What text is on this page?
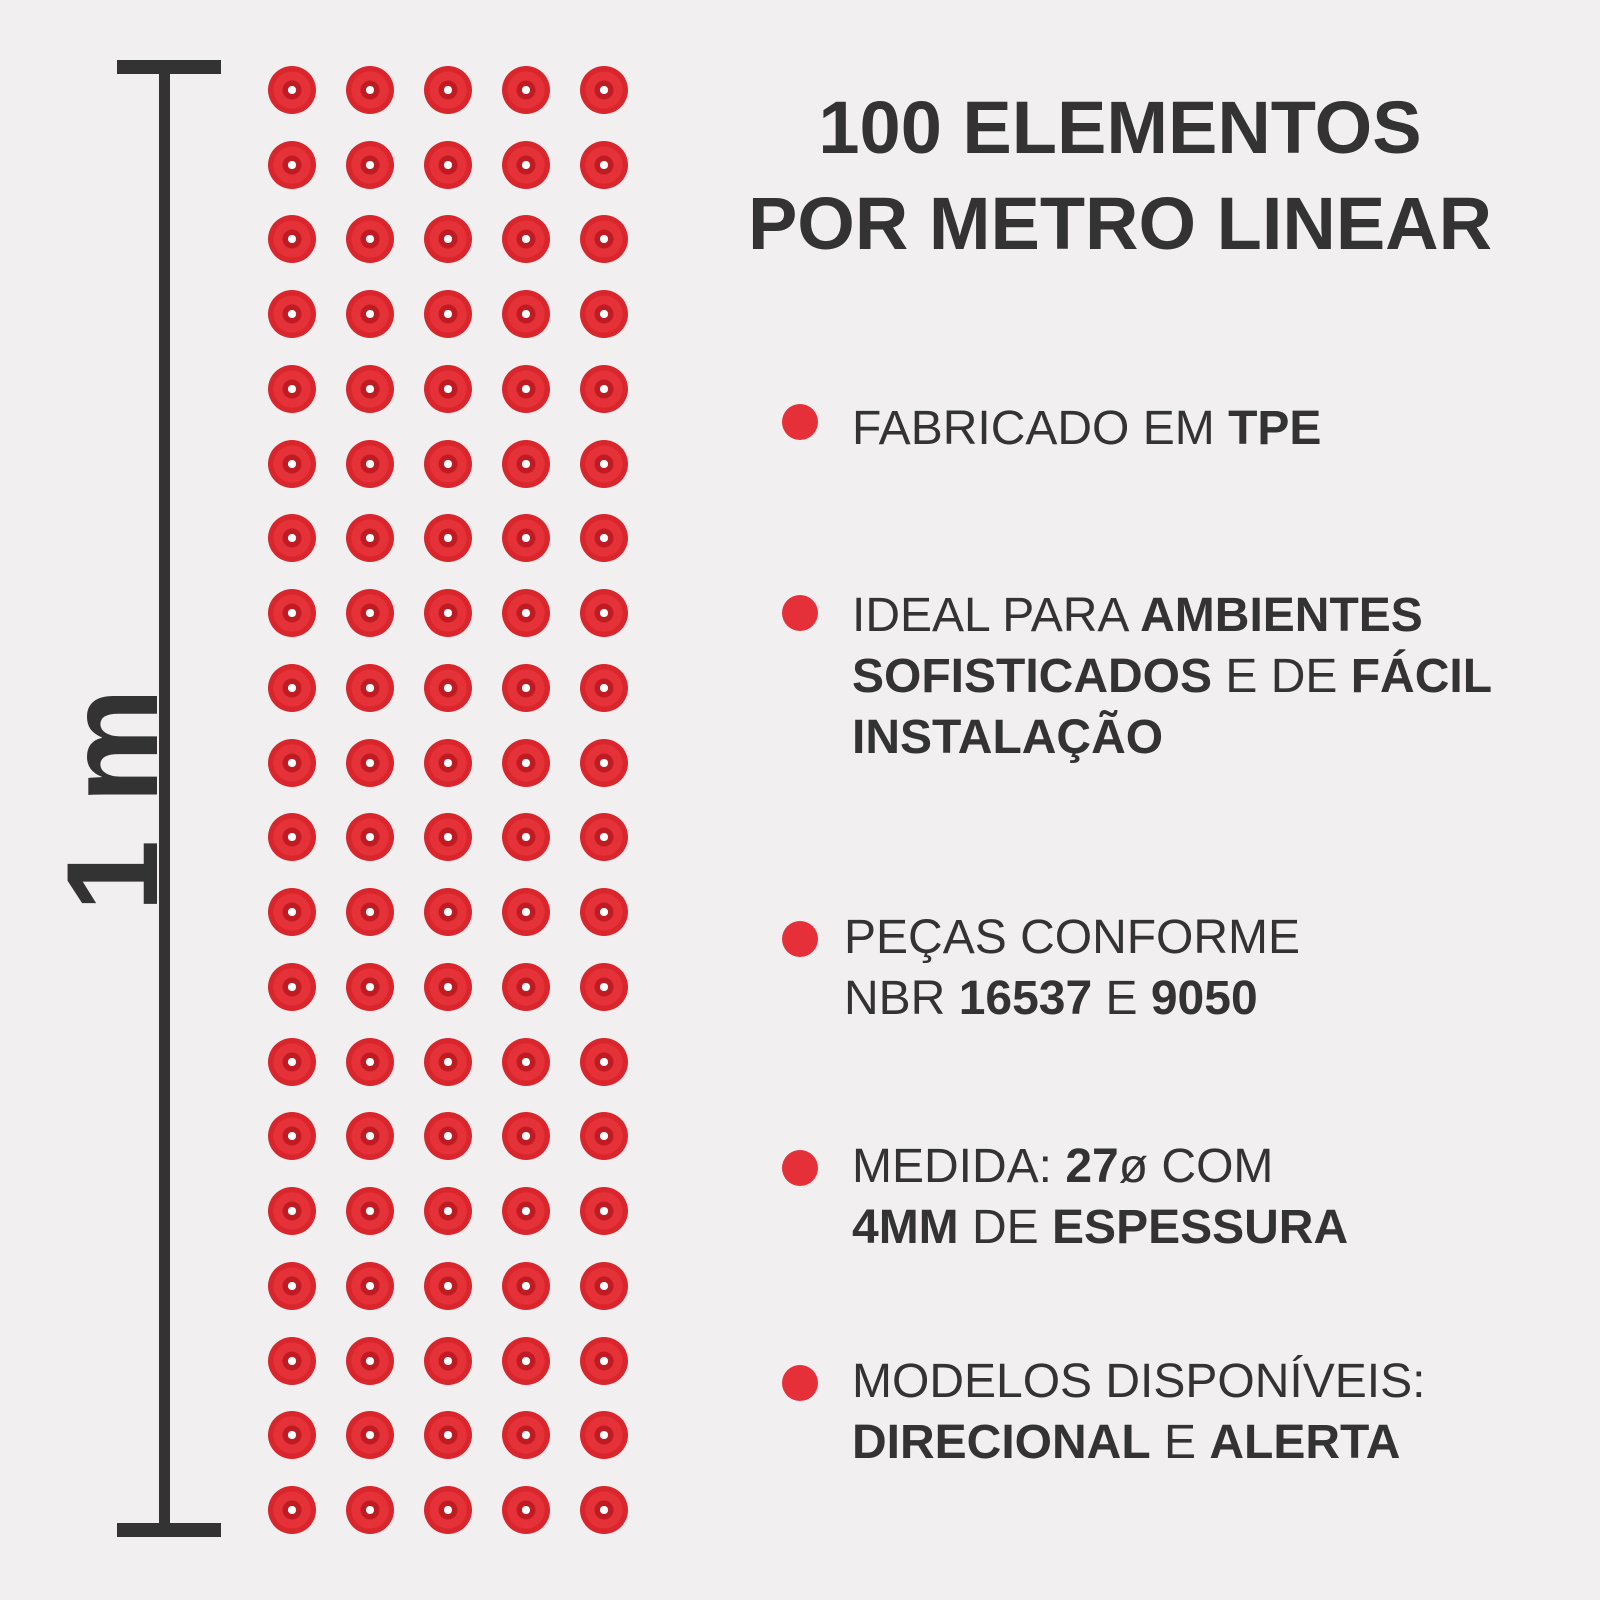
1 m
100 ELEMENTOS
POR METRO LINEAR
FABRICADO EM TPE
IDEAL PARA AMBIENTES
SOFISTICADOS E DE FÁCIL
INSTALAÇÃO
PEÇAS CONFORME
NBR 16537 E 9050
MEDIDA: 27ø COM
4MM DE ESPESSURA
MODELOS DISPONÍVEIS:
DIRECIONAL E ALERTA
